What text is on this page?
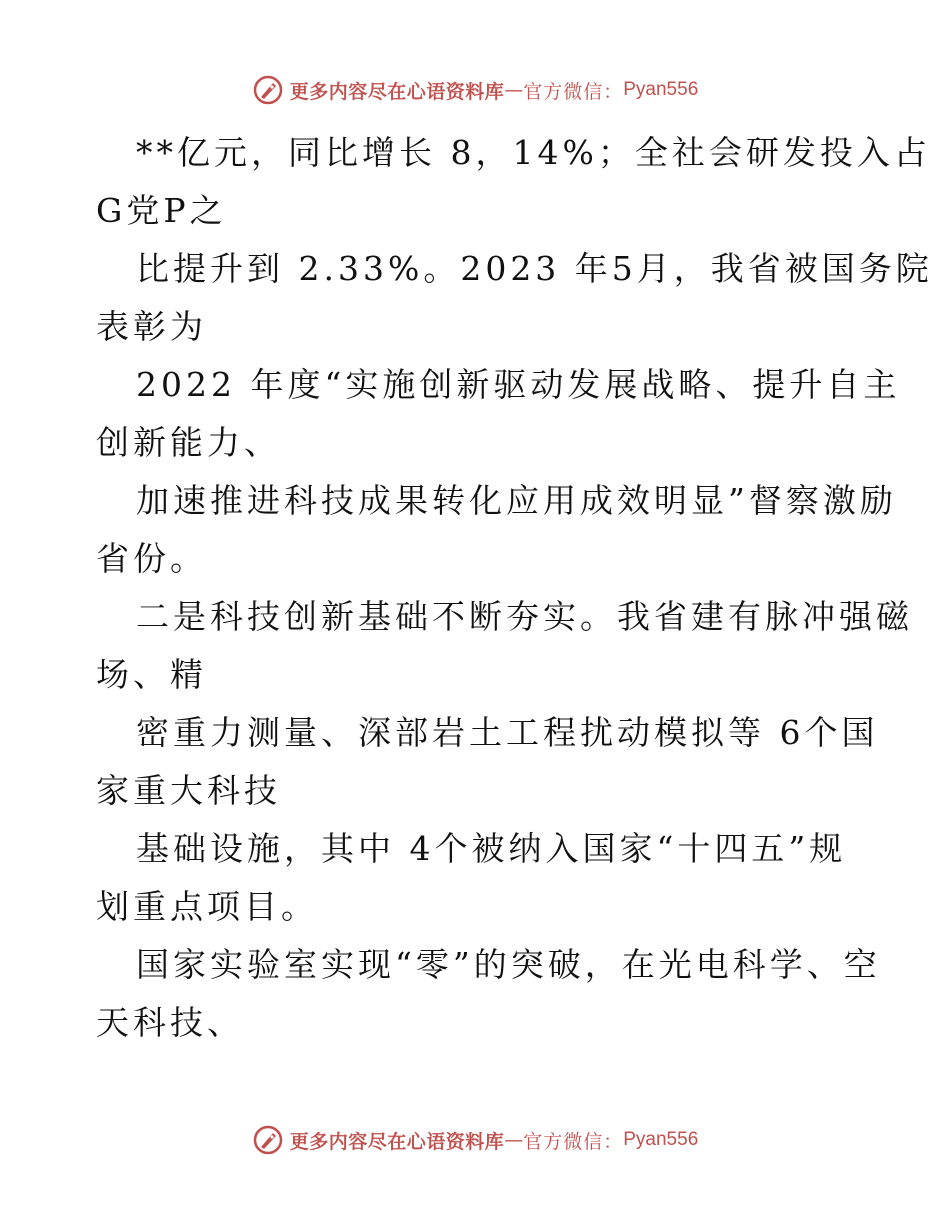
更多内容尽在心语资料库 — 官方微信： Pyan556
**亿元，同比增长 8，14%；全社会研发投入占
G党P之
比提升到 2.33%。2023 年5月，我省被国务院
表彰为
2022 年度“实施创新驱动发展战略、提升自主
创新能力、
加速推进科技成果转化应用成效明显”督察激励
省份。
二是科技创新基础不断夯实。我省建有脉冲强磁
场、精
密重力测量、深部岩土工程扰动模拟等 6个国
家重大科技
基础设施，其中 4个被纳入国家“十四五”规
划重点项目。
国家实验室实现“零”的突破，在光电科学、空
天科技、
更多内容尽在心语资料库 — 官方微信： Pyan556
